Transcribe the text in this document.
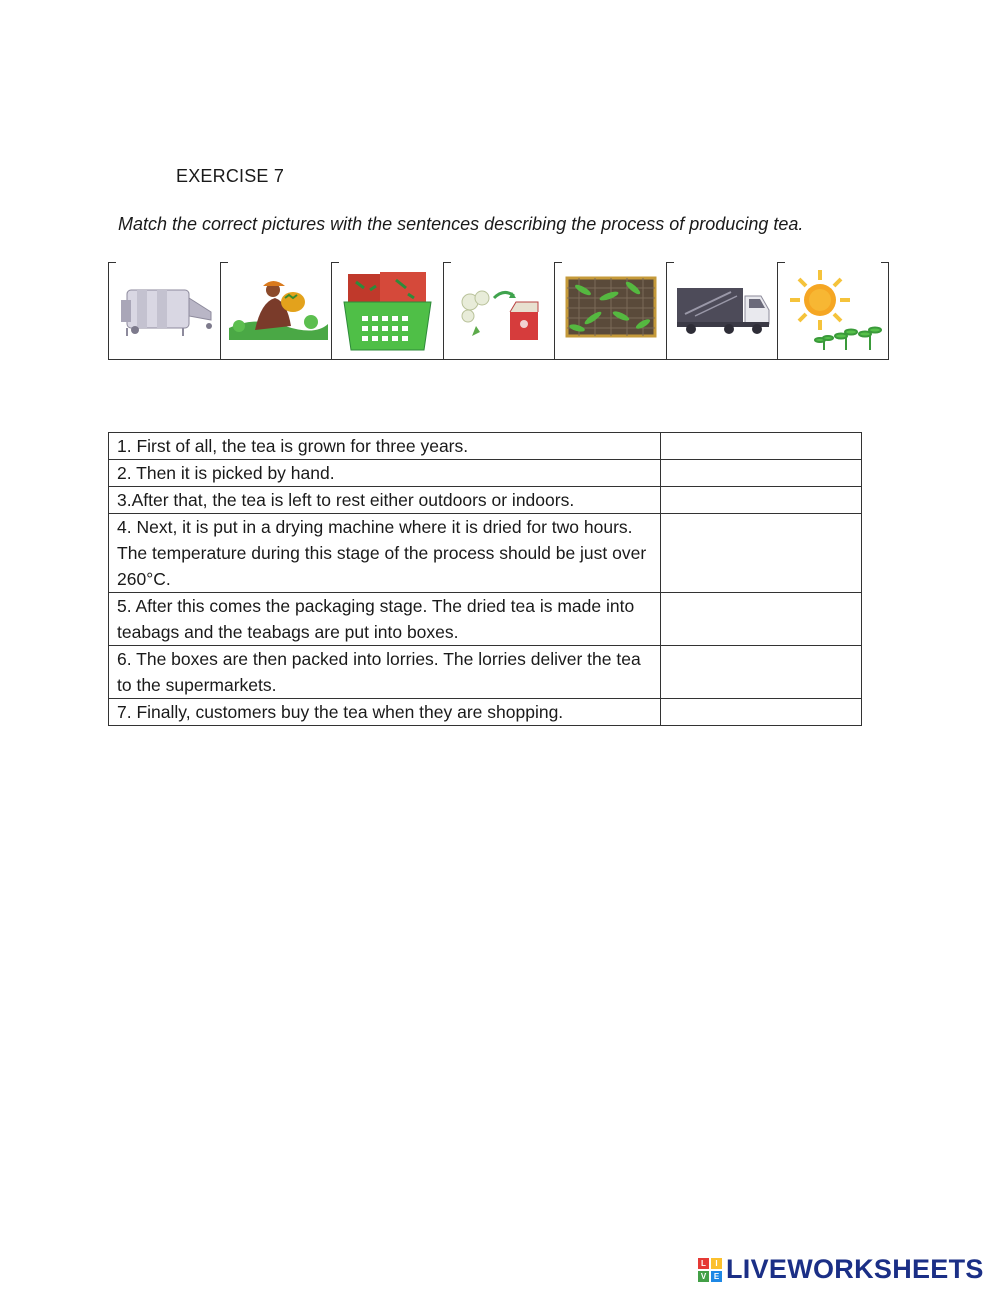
EXERCISE 7
Match the correct pictures with the sentences describing the process of producing tea.
1. First of all, the tea is grown for three years.	
2. Then it is picked by hand.	
3.After that, the tea is left to rest either outdoors or indoors.	
4. Next, it is put in a drying machine where it is dried for two hours. The temperature during this stage of the process should be just over 260°C.	
5. After this comes the packaging stage. The dried tea is made into teabags and the teabags are put into boxes.	
6. The boxes are then packed into lorries. The lorries deliver the tea to the supermarkets.	
7. Finally, customers buy the tea when they are shopping.	
L	I
V E LIVEWORKSHEETS
